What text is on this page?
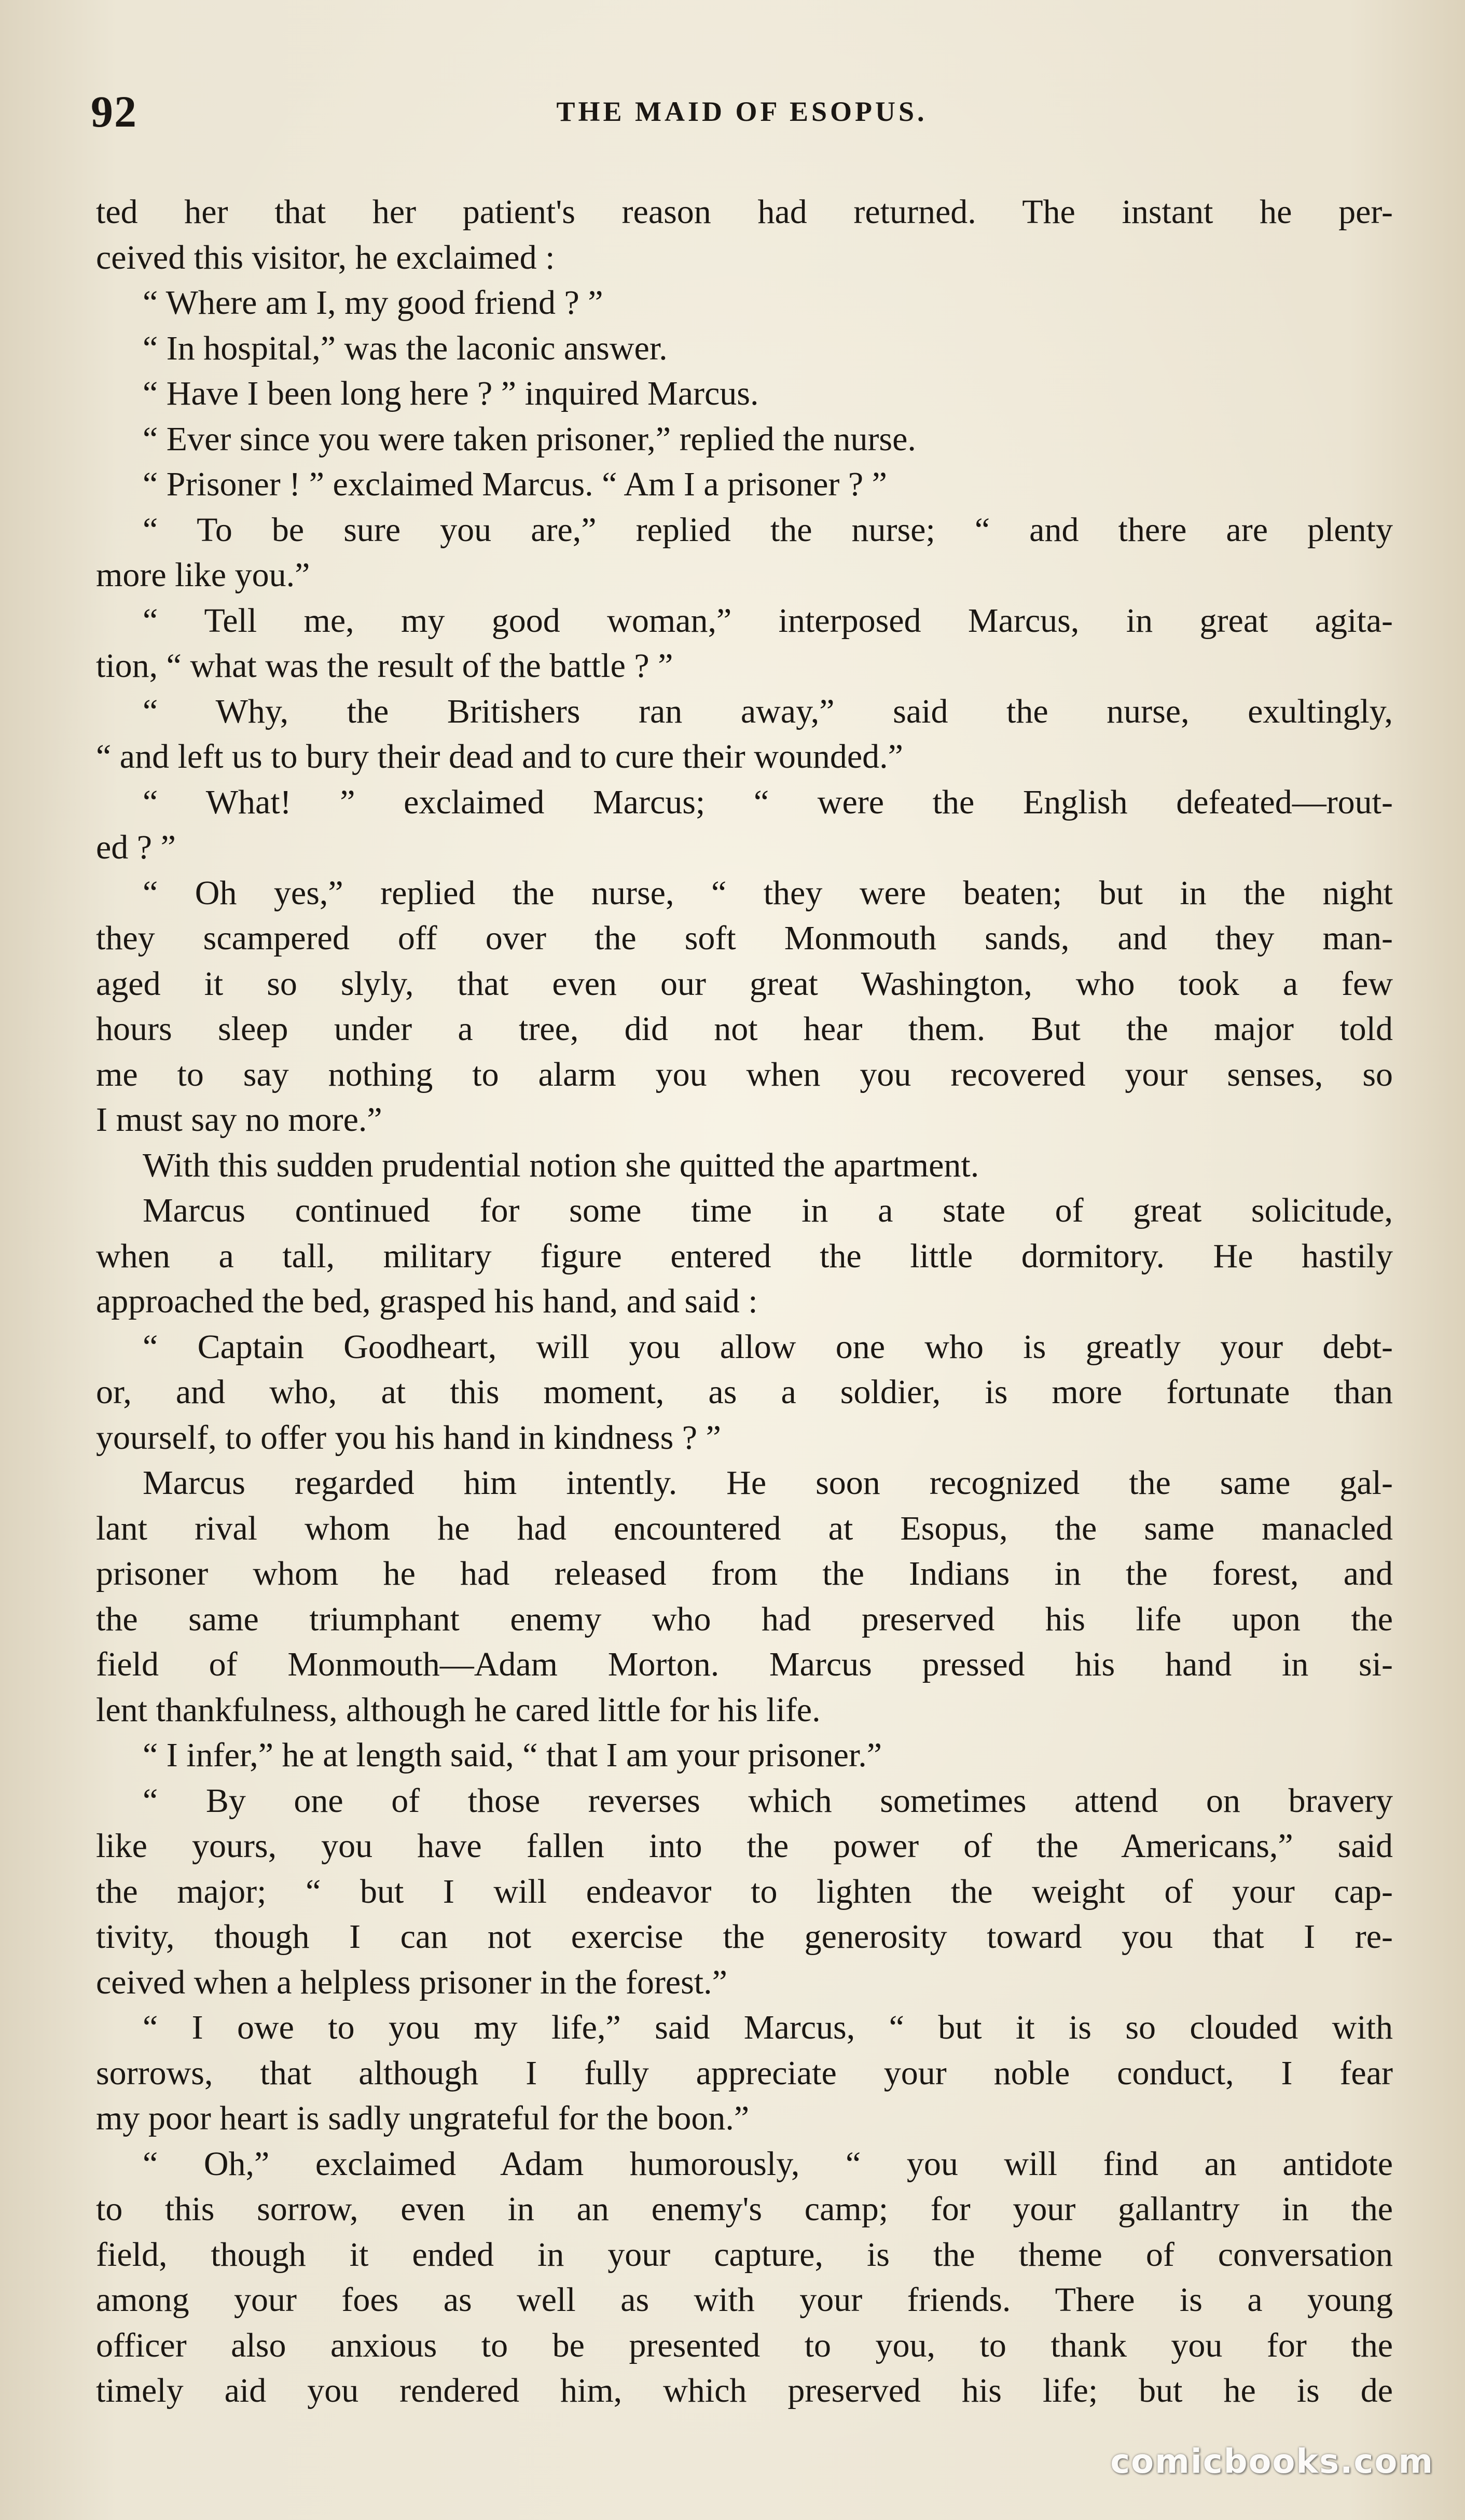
92	THE MAID OF ESOPUS.
ted her that her patient's reason had returned. The instant he per-
ceived this visitor, he exclaimed :
“ Where am I, my good friend ? ”
“ In hospital,” was the laconic answer.
“ Have I been long here ? ” inquired Marcus.
“ Ever since you were taken prisoner,” replied the nurse.
“ Prisoner ! ” exclaimed Marcus. “ Am I a prisoner ? ”
“ To be sure you are,” replied the nurse; “ and there are plenty
more like you.”
“ Tell me, my good woman,” interposed Marcus, in great agita-
tion, “ what was the result of the battle ? ”
“ Why, the Britishers ran away,” said the nurse, exultingly,
“ and left us to bury their dead and to cure their wounded.”
“ What! ” exclaimed Marcus; “ were the English defeated—rout-
ed ? ”
“ Oh yes,” replied the nurse, “ they were beaten; but in the night
they scampered off over the soft Monmouth sands, and they man-
aged it so slyly, that even our great Washington, who took a few
hours sleep under a tree, did not hear them. But the major told
me to say nothing to alarm you when you recovered your senses, so
I must say no more.”
With this sudden prudential notion she quitted the apartment.
Marcus continued for some time in a state of great solicitude,
when a tall, military figure entered the little dormitory. He hastily
approached the bed, grasped his hand, and said :
“ Captain Goodheart, will you allow one who is greatly your debt-
or, and who, at this moment, as a soldier, is more fortunate than
yourself, to offer you his hand in kindness ? ”
Marcus regarded him intently. He soon recognized the same gal-
lant rival whom he had encountered at Esopus, the same manacled
prisoner whom he had released from the Indians in the forest, and
the same triumphant enemy who had preserved his life upon the
field of Monmouth—Adam Morton. Marcus pressed his hand in si-
lent thankfulness, although he cared little for his life.
“ I infer,” he at length said, “ that I am your prisoner.”
“ By one of those reverses which sometimes attend on bravery
like yours, you have fallen into the power of the Americans,” said
the major; “ but I will endeavor to lighten the weight of your cap-
tivity, though I can not exercise the generosity toward you that I re-
ceived when a helpless prisoner in the forest.”
“ I owe to you my life,” said Marcus, “ but it is so clouded with
sorrows, that although I fully appreciate your noble conduct, I fear
my poor heart is sadly ungrateful for the boon.”
“ Oh,” exclaimed Adam humorously, “ you will find an antidote
to this sorrow, even in an enemy's camp; for your gallantry in the
field, though it ended in your capture, is the theme of conversation
among your foes as well as with your friends. There is a young
officer also anxious to be presented to you, to thank you for the
timely aid you rendered him, which preserved his life; but he is de
comicbooks.com
